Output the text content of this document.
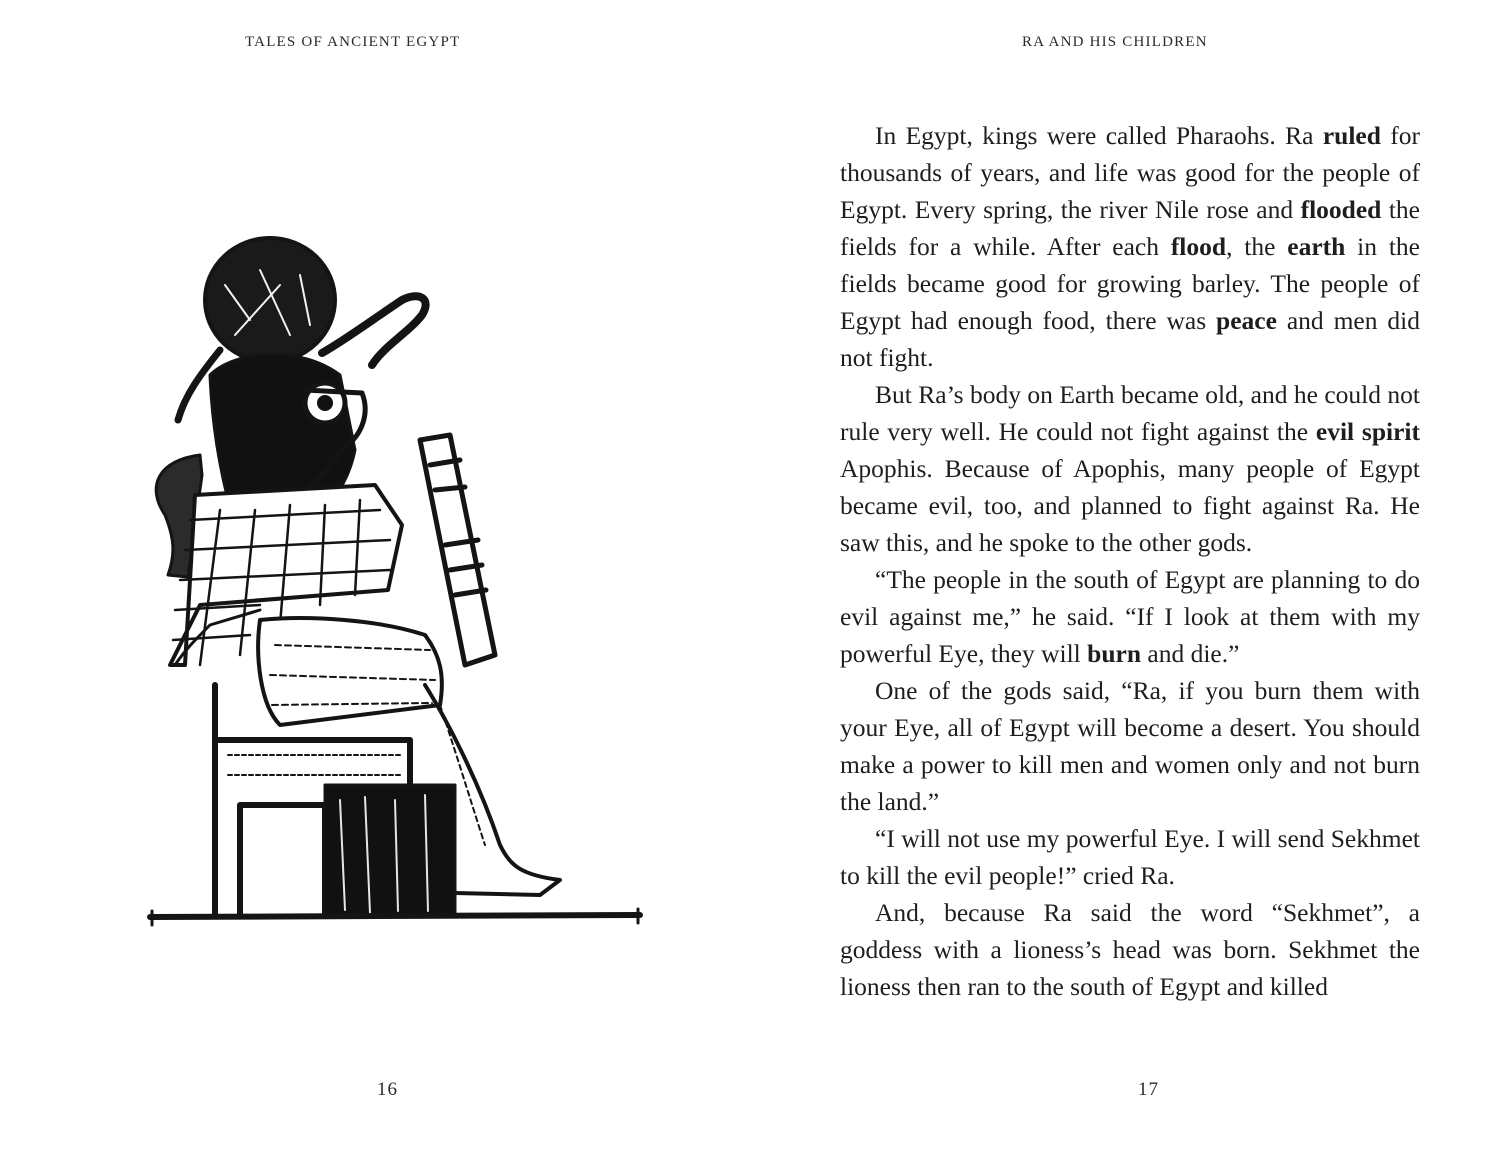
TALES OF ANCIENT EGYPT
16
RA AND HIS CHILDREN

In Egypt, kings were called Pharaohs. Ra ruled for thousands of years, and life was good for the people of Egypt. Every spring, the river Nile rose and flooded the fields for a while. After each flood, the earth in the fields became good for growing barley. The people of Egypt had enough food, there was peace and men did not fight.

But Ra’s body on Earth became old, and he could not rule very well. He could not fight against the evil spirit Apophis. Because of Apophis, many people of Egypt became evil, too, and planned to fight against Ra. He saw this, and he spoke to the other gods.

“The people in the south of Egypt are planning to do evil against me,” he said. “If I look at them with my powerful Eye, they will burn and die.”

One of the gods said, “Ra, if you burn them with your Eye, all of Egypt will become a desert. You should make a power to kill men and women only and not burn the land.”

“I will not use my powerful Eye. I will send Sekhmet to kill the evil people!” cried Ra.

And, because Ra said the word “Sekhmet”, a goddess with a lioness’s head was born. Sekhmet the lioness then ran to the south of Egypt and killed

17
